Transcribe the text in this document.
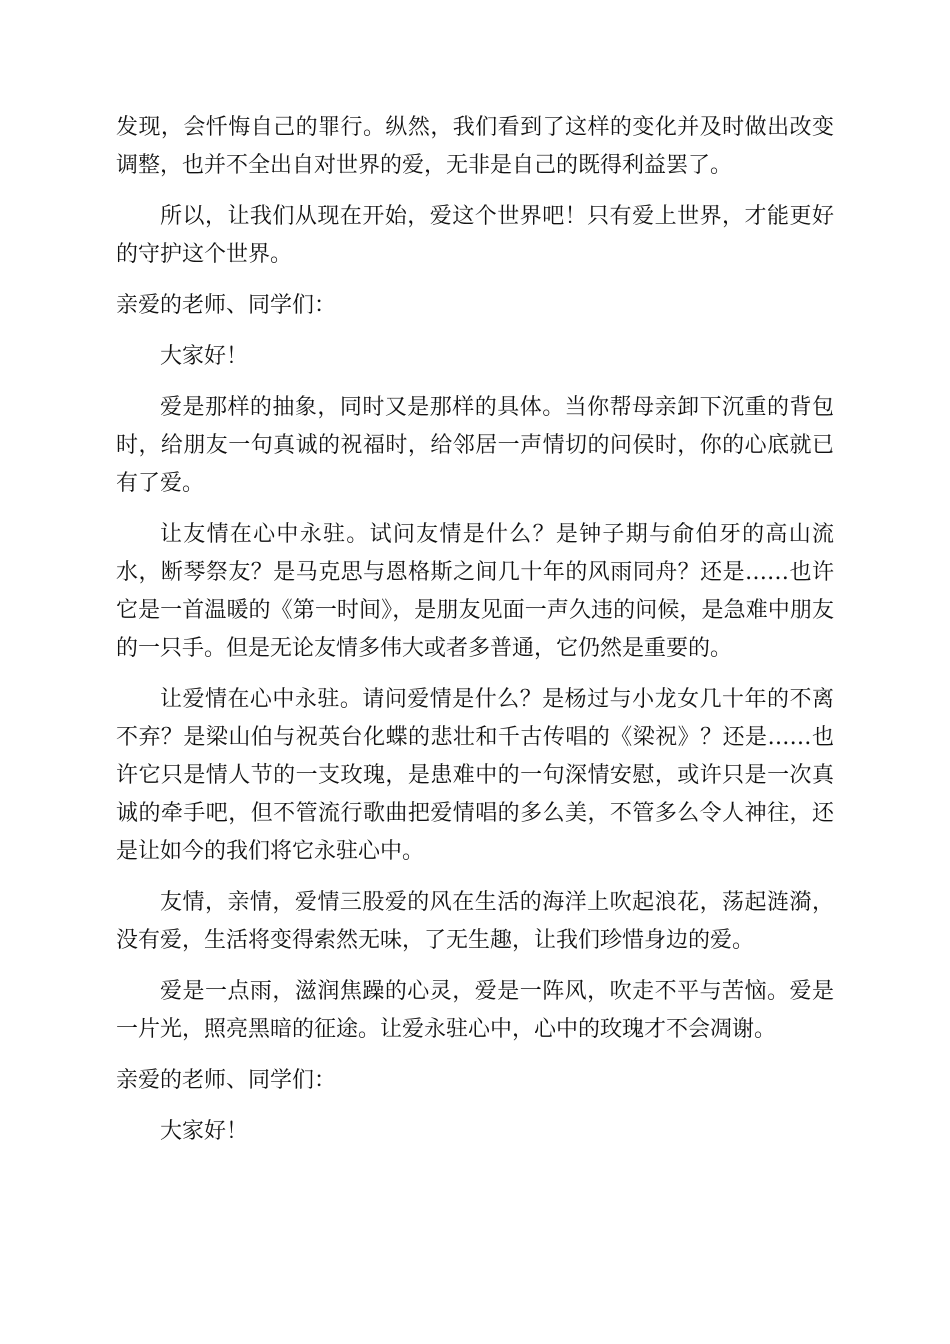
发现，会忏悔自己的罪行。纵然，我们看到了这样的变化并及时做出改变调整，也并不全出自对世界的爱，无非是自己的既得利益罢了。

所以，让我们从现在开始，爱这个世界吧！只有爱上世界，才能更好的守护这个世界。

亲爱的老师、同学们：

大家好！

爱是那样的抽象，同时又是那样的具体。当你帮母亲卸下沉重的背包时，给朋友一句真诚的祝福时，给邻居一声情切的问侯时，你的心底就已有了爱。

让友情在心中永驻。试问友情是什么？是钟子期与俞伯牙的高山流水，断琴祭友？是马克思与恩格斯之间几十年的风雨同舟？还是……也许它是一首温暖的《第一时间》，是朋友见面一声久违的问候，是急难中朋友的一只手。但是无论友情多伟大或者多普通，它仍然是重要的。

让爱情在心中永驻。请问爱情是什么？是杨过与小龙女几十年的不离不弃？是梁山伯与祝英台化蝶的悲壮和千古传唱的《梁祝》？还是……也许它只是情人节的一支玫瑰，是患难中的一句深情安慰，或许只是一次真诚的牵手吧，但不管流行歌曲把爱情唱的多么美，不管多么令人神往，还是让如今的我们将它永驻心中。

友情，亲情，爱情三股爱的风在生活的海洋上吹起浪花，荡起涟漪，没有爱，生活将变得索然无味，了无生趣，让我们珍惜身边的爱。

爱是一点雨，滋润焦躁的心灵，爱是一阵风，吹走不平与苦恼。爱是一片光，照亮黑暗的征途。让爱永驻心中，心中的玫瑰才不会凋谢。

亲爱的老师、同学们：

大家好！
